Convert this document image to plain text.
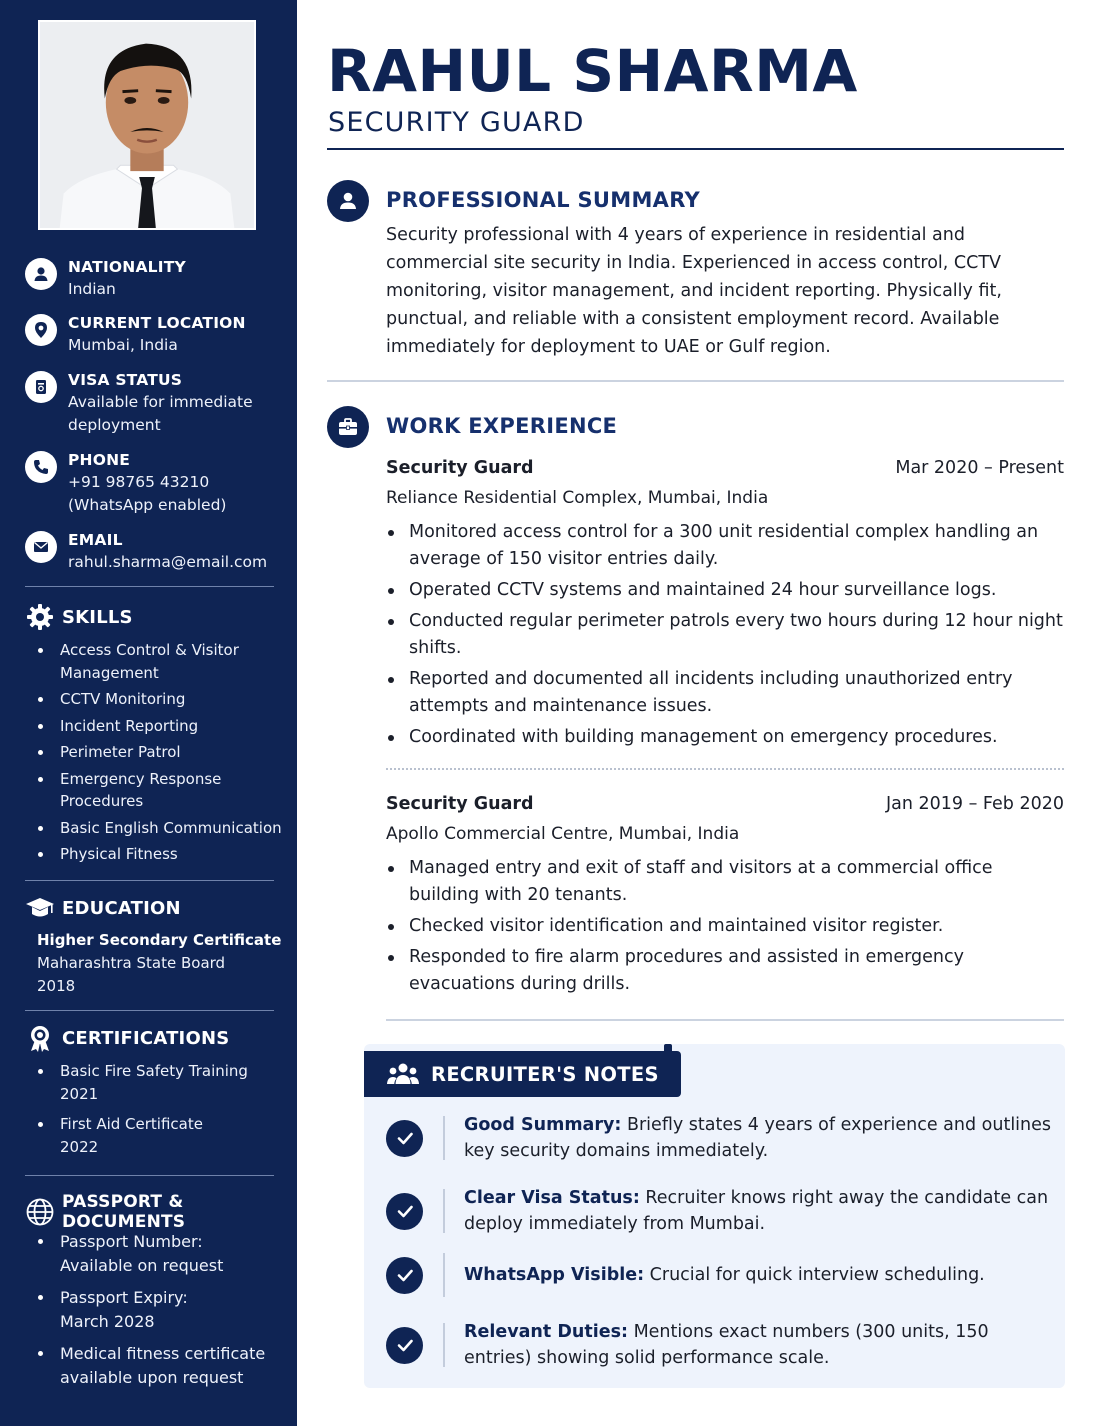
NATIONALITY
Indian
CURRENT LOCATION
Mumbai, India
VISA STATUS
Available for immediate deployment
PHONE
+91 98765 43210 (WhatsApp enabled)
EMAIL
rahul.sharma@email.com
SKILLS
Access Control & Visitor Management
CCTV Monitoring
Incident Reporting
Perimeter Patrol
Emergency Response Procedures
Basic English Communication
Physical Fitness
EDUCATION
Higher Secondary Certificate
Maharashtra State Board
2018
CERTIFICATIONS
Basic Fire Safety Training
2021
First Aid Certificate
2022
PASSPORT & DOCUMENTS
Passport Number:
Available on request
Passport Expiry:
March 2028
Medical fitness certificate
available upon request
RAHUL SHARMA
SECURITY GUARD
PROFESSIONAL SUMMARY
Security professional with 4 years of experience in residential and commercial site security in India. Experienced in access control, CCTV monitoring, visitor management, and incident reporting. Physically fit, punctual, and reliable with a consistent employment record. Available immediately for deployment to UAE or Gulf region.
WORK EXPERIENCE
Security Guard	Mar 2020 – Present
Reliance Residential Complex, Mumbai, India
Monitored access control for a 300 unit residential complex handling an average of 150 visitor entries daily.
Operated CCTV systems and maintained 24 hour surveillance logs.
Conducted regular perimeter patrols every two hours during 12 hour night shifts.
Reported and documented all incidents including unauthorized entry attempts and maintenance issues.
Coordinated with building management on emergency procedures.
Security Guard	Jan 2019 – Feb 2020
Apollo Commercial Centre, Mumbai, India
Managed entry and exit of staff and visitors at a commercial office building with 20 tenants.
Checked visitor identification and maintained visitor register.
Responded to fire alarm procedures and assisted in emergency evacuations during drills.
RECRUITER'S NOTES
Good Summary: Briefly states 4 years of experience and outlines key security domains immediately.
Clear Visa Status: Recruiter knows right away the candidate can deploy immediately from Mumbai.
WhatsApp Visible: Crucial for quick interview scheduling.
Relevant Duties: Mentions exact numbers (300 units, 150 entries) showing solid performance scale.
